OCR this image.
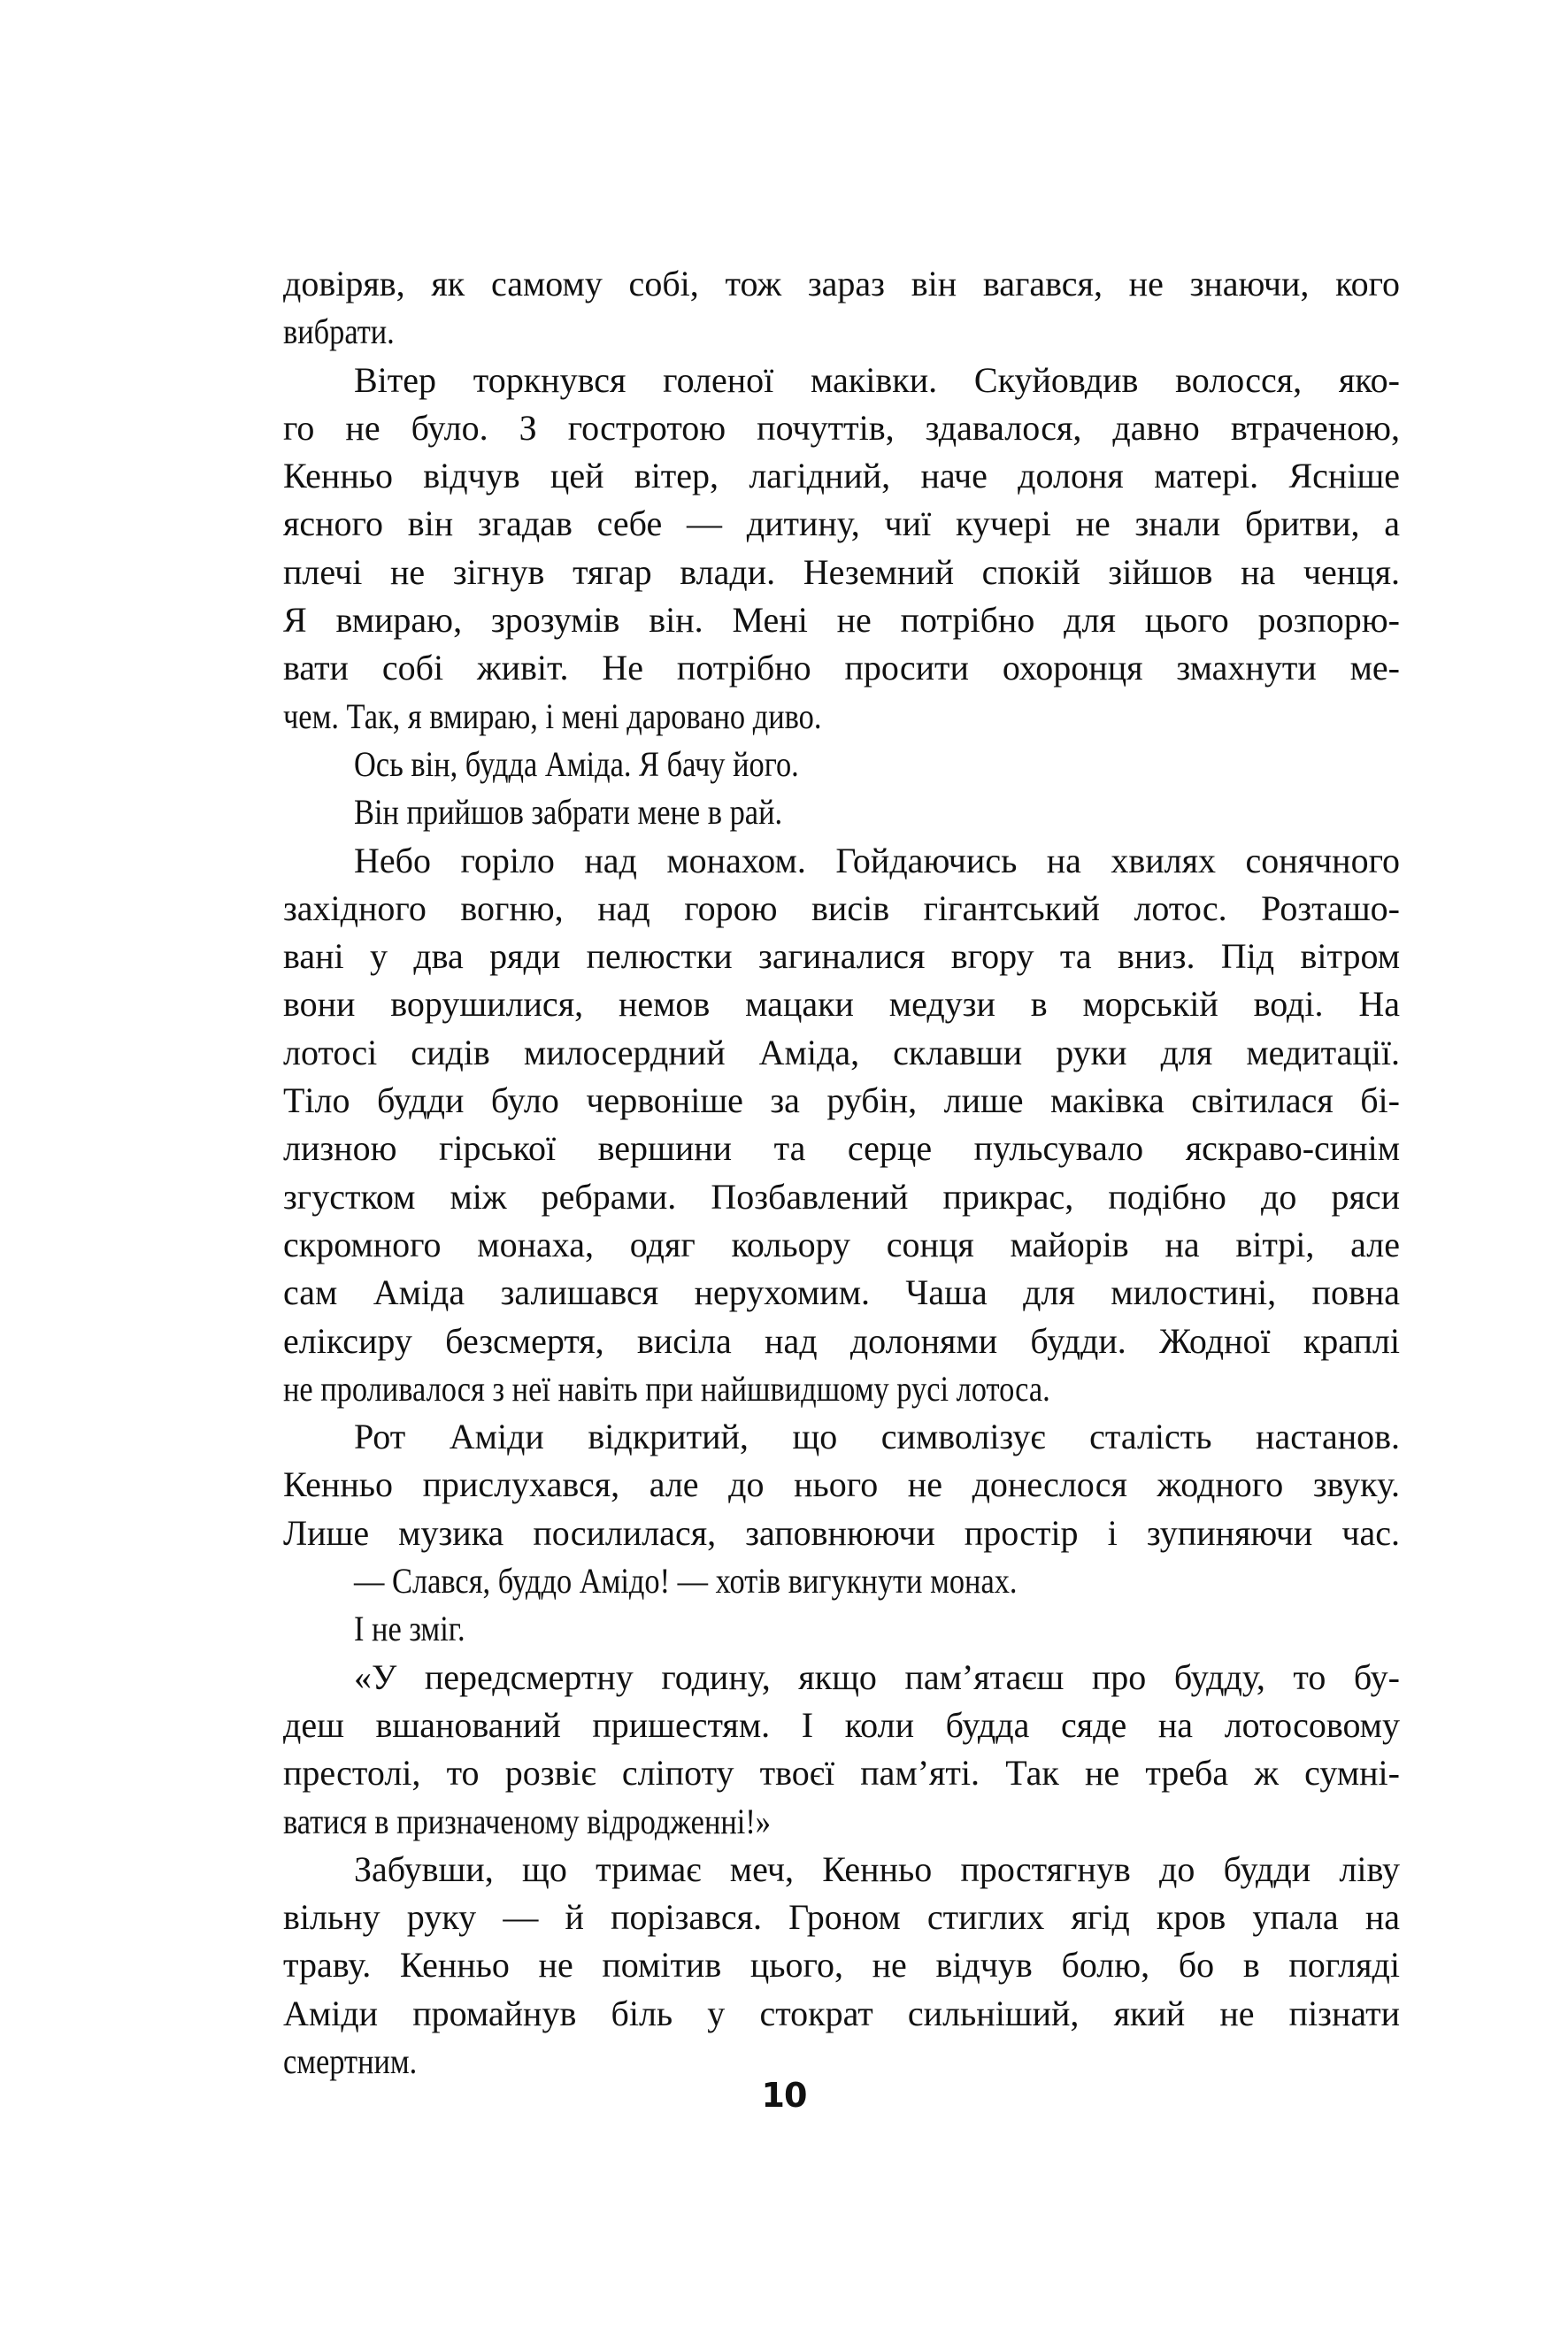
довіряв, як самому собі, тож зараз він вагався, не знаючи, кого
вибрати.
Вітер торкнувся голеної маківки. Скуйовдив волосся, яко-
го не було. З гостротою почуттів, здавалося, давно втраченою,
Кенньо відчув цей вітер, лагідний, наче долоня матері. Ясніше
ясного він згадав себе — дитину, чиї кучері не знали бритви, а
плечі не зігнув тягар влади. Неземний спокій зійшов на ченця.
Я вмираю, зрозумів він. Мені не потрібно для цього розпорю-
вати собі живіт. Не потрібно просити охоронця змахнути ме-
чем. Так, я вмираю, і мені даровано диво.
Ось він, будда Аміда. Я бачу його.
Він прийшов забрати мене в рай.
Небо горіло над монахом. Гойдаючись на хвилях сонячного
західного вогню, над горою висів гігантський лотос. Розташо-
вані у два ряди пелюстки загиналися вгору та вниз. Під вітром
вони ворушилися, немов мацаки медузи в морській воді. На
лотосі сидів милосердний Аміда, склавши руки для медитації.
Тіло будди було червоніше за рубін, лише маківка світилася бі-
лизною гірської вершини та серце пульсувало яскраво-синім
згустком між ребрами. Позбавлений прикрас, подібно до ряси
скромного монаха, одяг кольору сонця майорів на вітрі, але
сам Аміда залишався нерухомим. Чаша для милостині, повна
еліксиру безсмертя, висіла над долонями будди. Жодної краплі
не проливалося з неї навіть при найшвидшому русі лотоса.
Рот Аміди відкритий, що символізує сталість настанов.
Кенньо прислухався, але до нього не донеслося жодного звуку.
Лише музика посилилася, заповнюючи простір і зупиняючи час.
— Слався, буддо Амідо! — хотів вигукнути монах.
І не зміг.
«У передсмертну годину, якщо пам’ятаєш про будду, то бу-
деш вшанований пришестям. І коли будда сяде на лотосовому
престолі, то розвіє сліпоту твоєї пам’яті. Так не треба ж сумні-
ватися в призначеному відродженні!»
Забувши, що тримає меч, Кенньо простягнув до будди ліву
вільну руку — й порізався. Гроном стиглих ягід кров упала на
траву. Кенньо не помітив цього, не відчув болю, бо в погляді
Аміди промайнув біль у стократ сильніший, який не пізнати
смертним.
10
